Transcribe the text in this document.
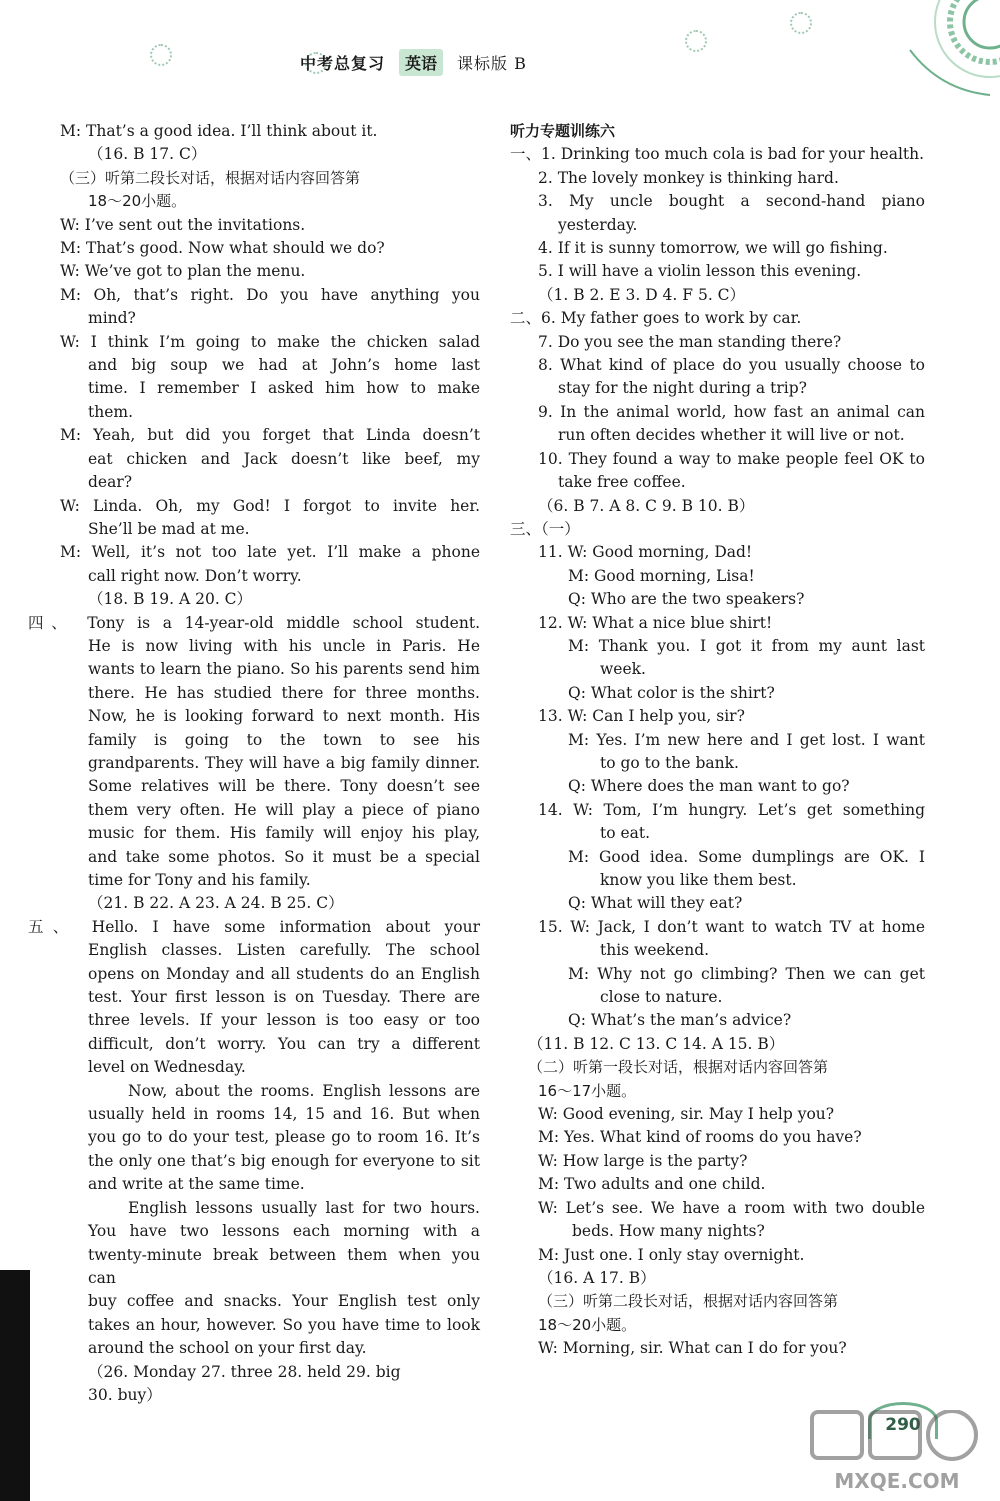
中考总复习	英语	课标版 B
M: That’s a good idea. I’ll think about it.
（16. B 17. C）
（三）听第二段长对话，根据对话内容回答第
18～20小题。
W: I’ve sent out the invitations.
M: That’s good. Now what should we do?
W: We’ve got to plan the menu.
M: Oh, that’s right. Do you have anything you
mind?
W: I think I’m going to make the chicken salad
and big soup we had at John’s home last
time. I remember I asked him how to make
them.
M: Yeah, but did you forget that Linda doesn’t
eat chicken and Jack doesn’t like beef, my
dear?
W: Linda. Oh, my God! I forgot to invite her.
She’ll be mad at me.
M: Well, it’s not too late yet. I’ll make a phone
call right now. Don’t worry.
（18. B 19. A 20. C）
四、 Tony is a 14-year-old middle school student.
He is now living with his uncle in Paris. He
wants to learn the piano. So his parents send him
there. He has studied there for three months.
Now, he is looking forward to next month. His
family is going to the town to see his
grandparents. They will have a big family dinner.
Some relatives will be there. Tony doesn’t see
them very often. He will play a piece of piano
music for them. His family will enjoy his play,
and take some photos. So it must be a special
time for Tony and his family.
（21. B 22. A 23. A 24. B 25. C）
五、 Hello. I have some information about your
English classes. Listen carefully. The school
opens on Monday and all students do an English
test. Your first lesson is on Tuesday. There are
three levels. If your lesson is too easy or too
difficult, don’t worry. You can try a different
level on Wednesday.
Now, about the rooms. English lessons are
usually held in rooms 14, 15 and 16. But when
you go to do your test, please go to room 16. It’s
the only one that’s big enough for everyone to sit
and write at the same time.
English lessons usually last for two hours.
You have two lessons each morning with a
twenty-minute break between them when you can
buy coffee and snacks. Your English test only
takes an hour, however. So you have time to look
around the school on your first day.
（26. Monday 27. three 28. held 29. big
30. buy）
听力专题训练六
一、1. Drinking too much cola is bad for your health.
2. The lovely monkey is thinking hard.
3. My uncle bought a second-hand piano
yesterday.
4. If it is sunny tomorrow, we will go fishing.
5. I will have a violin lesson this evening.
（1. B 2. E 3. D 4. F 5. C）
二、6. My father goes to work by car.
7. Do you see the man standing there?
8. What kind of place do you usually choose to
stay for the night during a trip?
9. In the animal world, how fast an animal can
run often decides whether it will live or not.
10. They found a way to make people feel OK to
take free coffee.
（6. B 7. A 8. C 9. B 10. B）
三、（一）
11. W: Good morning, Dad!
M: Good morning, Lisa!
Q: Who are the two speakers?
12. W: What a nice blue shirt!
M: Thank you. I got it from my aunt last
week.
Q: What color is the shirt?
13. W: Can I help you, sir?
M: Yes. I’m new here and I get lost. I want
to go to the bank.
Q: Where does the man want to go?
14. W: Tom, I’m hungry. Let’s get something
to eat.
M: Good idea. Some dumplings are OK. I
know you like them best.
Q: What will they eat?
15. W: Jack, I don’t want to watch TV at home
this weekend.
M: Why not go climbing? Then we can get
close to nature.
Q: What’s the man’s advice?
（11. B 12. C 13. C 14. A 15. B）
（二）听第一段长对话，根据对话内容回答第
16～17小题。
W: Good evening, sir. May I help you?
M: Yes. What kind of rooms do you have?
W: How large is the party?
M: Two adults and one child.
W: Let’s see. We have a room with two double
beds. How many nights?
M: Just one. I only stay overnight.
（16. A 17. B）
（三）听第二段长对话，根据对话内容回答第
18～20小题。
W: Morning, sir. What can I do for you?
290
MXQE.COM
